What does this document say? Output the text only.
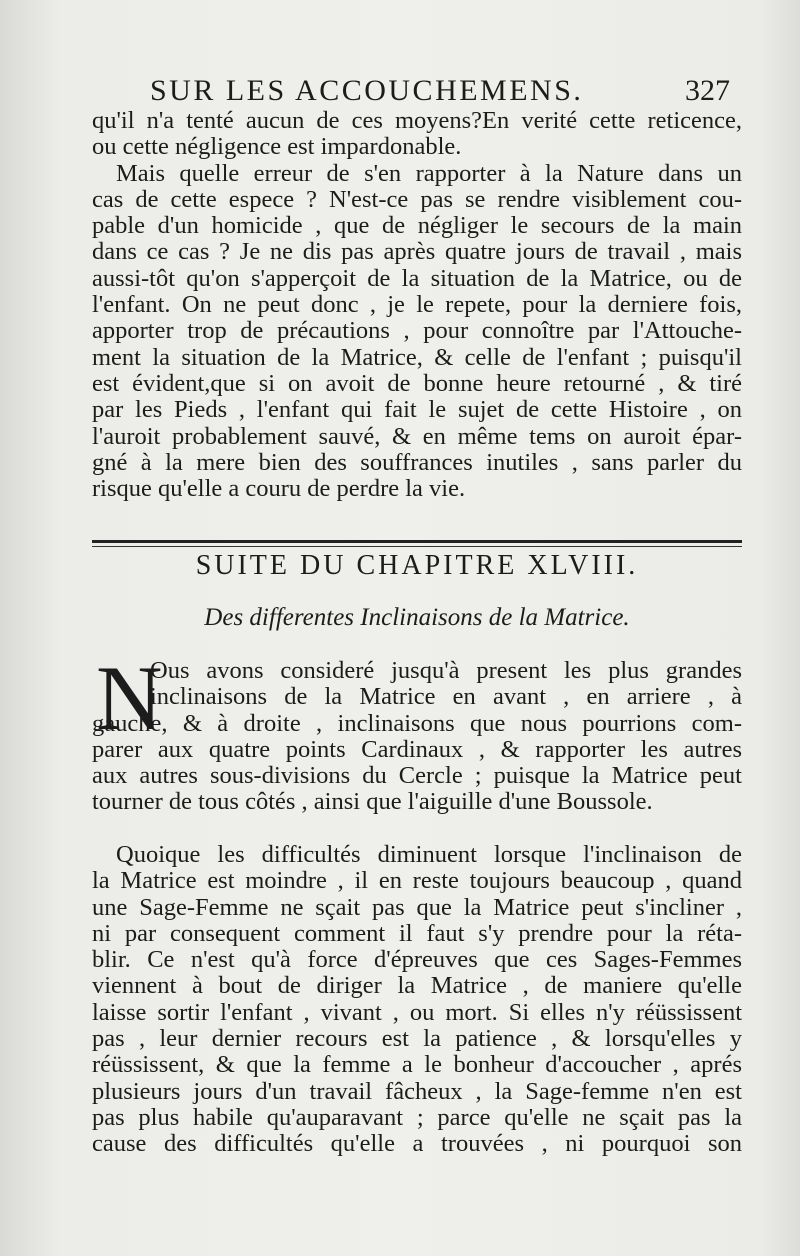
SUR LES ACCOUCHEMENS.	327
qu'il n'a tenté aucun de ces moyens?En verité cette reticence,
ou cette négligence est impardonable.
Mais quelle erreur de s'en rapporter à la Nature dans un
cas de cette espece ? N'est-ce pas se rendre visiblement cou-
pable d'un homicide , que de négliger le secours de la main
dans ce cas ? Je ne dis pas après quatre jours de travail , mais
aussi-tôt qu'on s'apperçoit de la situation de la Matrice, ou de
l'enfant. On ne peut donc , je le repete, pour la derniere fois,
apporter trop de précautions , pour connoître par l'Attouche-
ment la situation de la Matrice, & celle de l'enfant ; puisqu'il
est évident,que si on avoit de bonne heure retourné , & tiré
par les Pieds , l'enfant qui fait le sujet de cette Histoire , on
l'auroit probablement sauvé, & en même tems on auroit épar-
gné à la mere bien des souffrances inutiles , sans parler du
risque qu'elle a couru de perdre la vie.
SUITE DU CHAPITRE XLVIII.
Des differentes Inclinaisons de la Matrice.
N
Ous avons consideré jusqu'à present les plus grandes
inclinaisons de la Matrice en avant , en arriere , à
gauche, & à droite , inclinaisons que nous pourrions com-
parer aux quatre points Cardinaux , & rapporter les autres
aux autres sous-divisions du Cercle ; puisque la Matrice peut
tourner de tous côtés , ainsi que l'aiguille d'une Boussole.
Quoique les difficultés diminuent lorsque l'inclinaison de
la Matrice est moindre , il en reste toujours beaucoup , quand
une Sage-Femme ne sçait pas que la Matrice peut s'incliner ,
ni par consequent comment il faut s'y prendre pour la réta-
blir. Ce n'est qu'à force d'épreuves que ces Sages-Femmes
viennent à bout de diriger la Matrice , de maniere qu'elle
laisse sortir l'enfant , vivant , ou mort. Si elles n'y réüssissent
pas , leur dernier recours est la patience , & lorsqu'elles y
réüssissent, & que la femme a le bonheur d'accoucher , aprés
plusieurs jours d'un travail fâcheux , la Sage-femme n'en est
pas plus habile qu'auparavant ; parce qu'elle ne sçait pas la
cause des difficultés qu'elle a trouvées , ni pourquoi son
